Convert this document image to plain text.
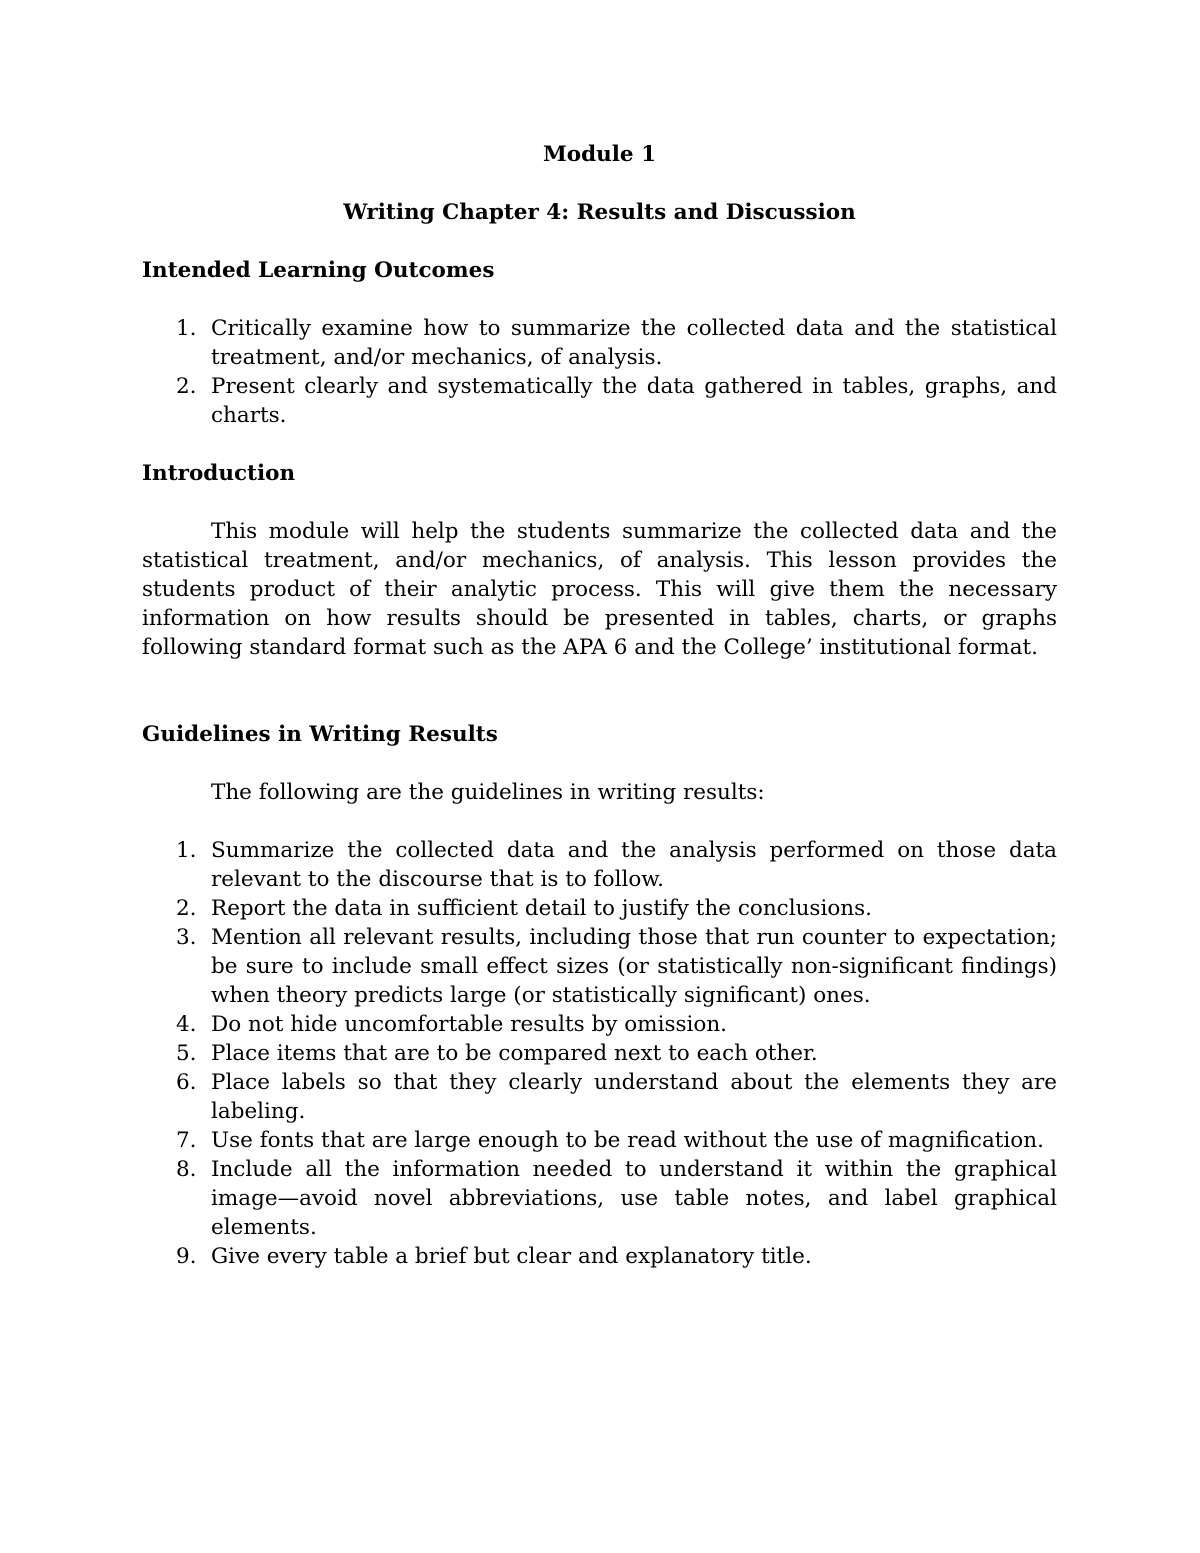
Module 1

Writing Chapter 4: Results and Discussion

Intended Learning Outcomes

1. Critically examine how to summarize the collected data and the statistical treatment, and/or mechanics, of analysis.
2. Present clearly and systematically the data gathered in tables, graphs, and charts.

Introduction

This module will help the students summarize the collected data and the statistical treatment, and/or mechanics, of analysis. This lesson provides the students product of their analytic process. This will give them the necessary information on how results should be presented in tables, charts, or graphs following standard format such as the APA 6 and the College’ institutional format.

Guidelines in Writing Results

The following are the guidelines in writing results:

1. Summarize the collected data and the analysis performed on those data relevant to the discourse that is to follow.
2. Report the data in sufficient detail to justify the conclusions.
3. Mention all relevant results, including those that run counter to expectation; be sure to include small effect sizes (or statistically non-significant findings) when theory predicts large (or statistically significant) ones.
4. Do not hide uncomfortable results by omission.
5. Place items that are to be compared next to each other.
6. Place labels so that they clearly understand about the elements they are labeling.
7. Use fonts that are large enough to be read without the use of magnification.
8. Include all the information needed to understand it within the graphical image—avoid novel abbreviations, use table notes, and label graphical elements.
9. Give every table a brief but clear and explanatory title.
